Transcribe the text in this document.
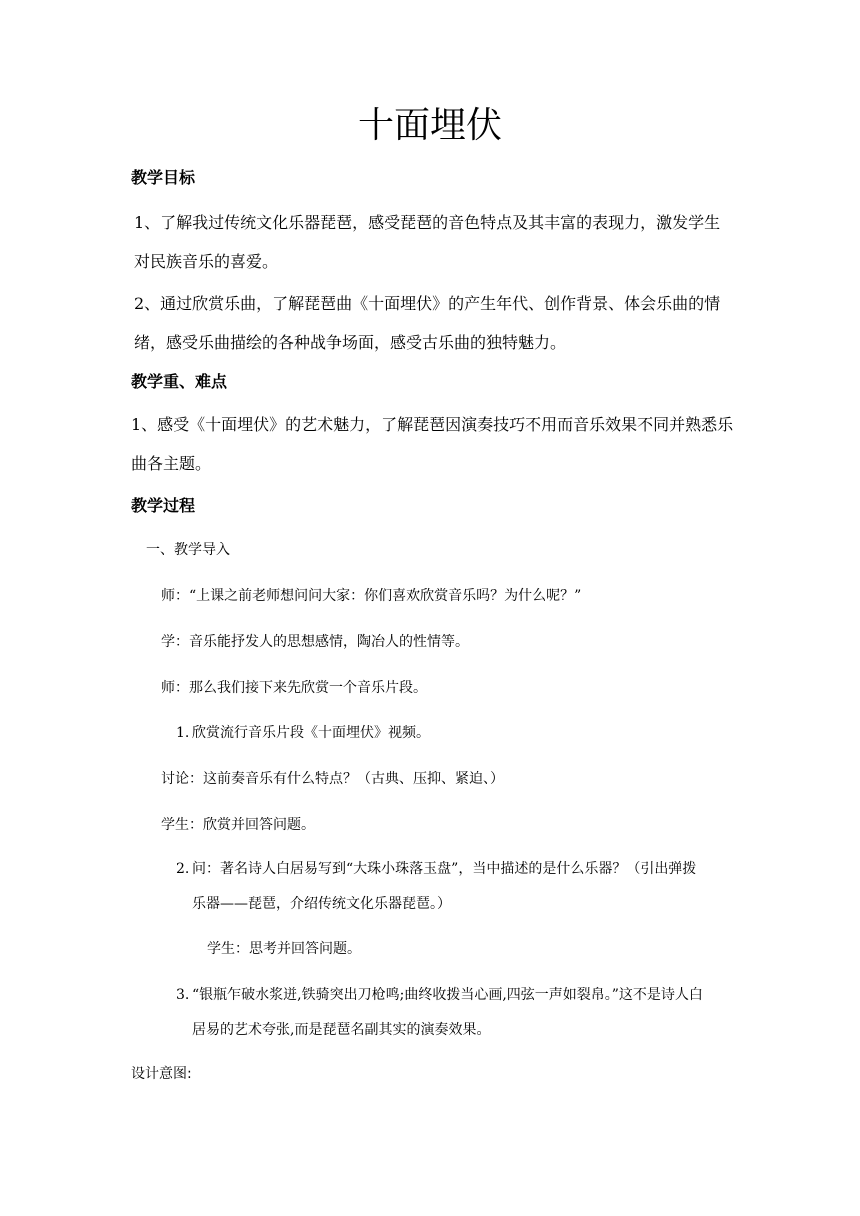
十面埋伏
教学目标
1、了解我过传统文化乐器琵琶，感受琵琶的音色特点及其丰富的表现力，激发学生对民族音乐的喜爱。
2、通过欣赏乐曲，了解琵琶曲《十面埋伏》的产生年代、创作背景、体会乐曲的情绪，感受乐曲描绘的各种战争场面，感受古乐曲的独特魅力。
教学重、难点
1、感受《十面埋伏》的艺术魅力，了解琵琶因演奏技巧不用而音乐效果不同并熟悉乐曲各主题。
教学过程
一、教学导入
师：“上课之前老师想问问大家：你们喜欢欣赏音乐吗？为什么呢？”
学：音乐能抒发人的思想感情，陶冶人的性情等。
师：那么我们接下来先欣赏一个音乐片段。
1. 欣赏流行音乐片段《十面埋伏》视频。
讨论：这前奏音乐有什么特点？（古典、压抑、紧迫、）
学生：欣赏并回答问题。
2. 问：著名诗人白居易写到“大珠小珠落玉盘”，当中描述的是什么乐器？（引出弹拨
乐器——琵琶，介绍传统文化乐器琵琶。）
学生：思考并回答问题。
3. “银瓶乍破水浆迸,铁骑突出刀枪鸣;曲终收拨当心画,四弦一声如裂帛。”这不是诗人白
居易的艺术夸张,而是琵琶名副其实的演奏效果。
设计意图:
